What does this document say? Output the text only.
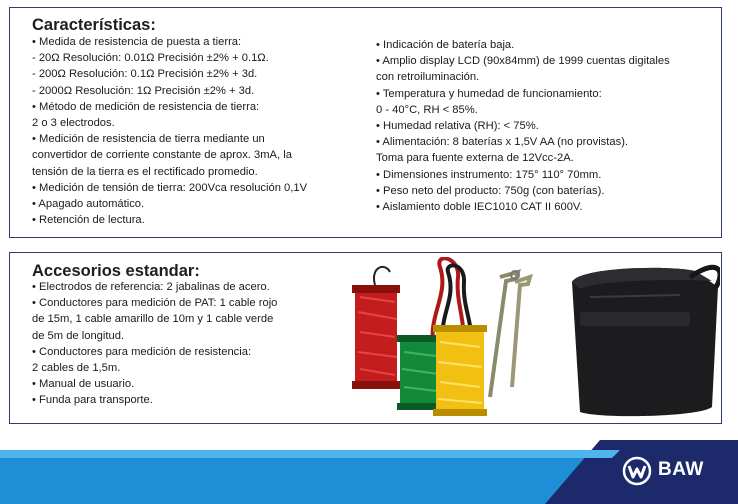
Características:
• Medida de resistencia de puesta a tierra:
- 20Ω Resolución: 0.01Ω Precisión ±2% + 0.1Ω.
- 200Ω Resolución: 0.1Ω Precisión ±2% + 3d.
- 2000Ω Resolución: 1Ω Precisión ±2% + 3d.
• Método de medición de resistencia de tierra:
2 o 3 electrodos.
• Medición de resistencia de tierra mediante un
convertidor de corriente constante de aprox. 3mA, la
tensión de la tierra es el rectificado promedio.
• Medición de tensión de tierra: 200Vca resolución 0,1V
• Apagado automático.
• Retención de lectura.
• Indicación de batería baja.
• Amplio display LCD (90x84mm) de 1999 cuentas digitales
con retroiluminación.
• Temperatura y humedad de funcionamiento:
0 - 40°C, RH < 85%.
• Humedad relativa (RH): < 75%.
• Alimentación: 8 baterías x 1,5V AA (no provistas).
Toma para fuente externa de 12Vcc-2A.
• Dimensiones instrumento: 175° 110° 70mm.
• Peso neto del producto: 750g (con baterías).
• Aislamiento doble IEC1010 CAT II 600V.
Accesorios estandar:
• Electrodos de referencia: 2 jabalinas de acero.
• Conductores para medición de PAT: 1 cable rojo
de 15m, 1 cable amarillo de 10m y 1 cable verde
de 5m de longitud.
• Conductores para medición de resistencia:
2 cables de 1,5m.
• Manual de usuario.
• Funda para transporte.
BAW
